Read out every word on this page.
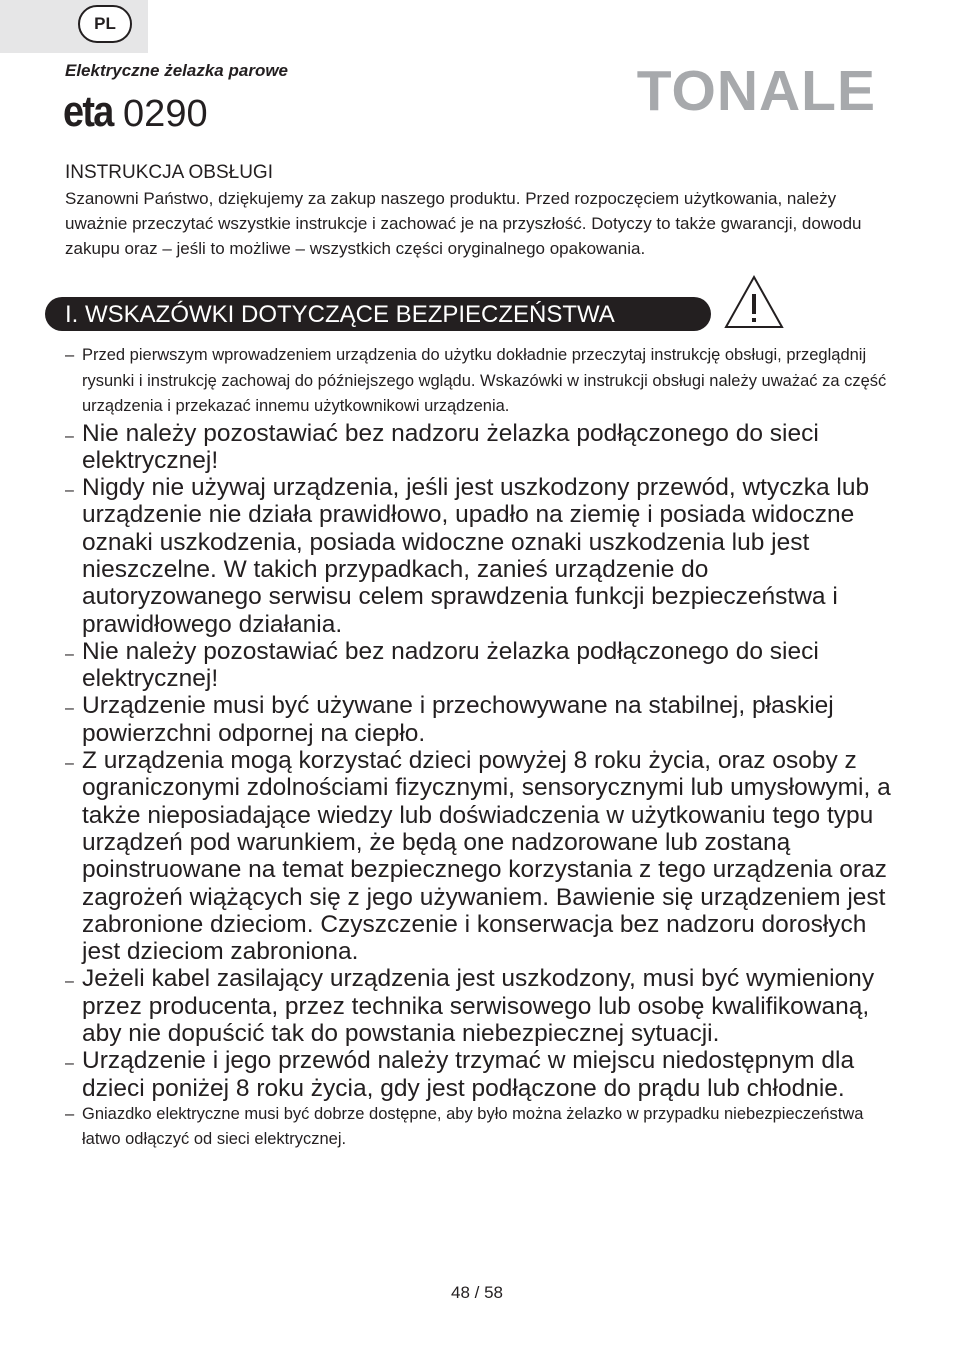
PL
Elektryczne żelazka parowe
eta 0290	TONALE
INSTRUKCJA OBSŁUGI
Szanowni Państwo, dziękujemy za zakup naszego produktu. Przed rozpoczęciem użytkowania, należy uważnie przeczytać wszystkie instrukcje i zachować je na przyszłość. Dotyczy to także gwarancji, dowodu zakupu oraz – jeśli to możliwe – wszystkich części oryginalnego opakowania.
I. WSKAZÓWKI DOTYCZĄCE BEZPIECZEŃSTWA
– Przed pierwszym wprowadzeniem urządzenia do użytku dokładnie przeczytaj instrukcję obsługi, przeglądnij rysunki i instrukcję zachowaj do późniejszego wglądu. Wskazówki w instrukcji obsługi należy uważać za część urządzenia i przekazać innemu użytkownikowi urządzenia.
– Nie należy pozostawiać bez nadzoru żelazka podłączonego do sieci elektrycznej!
– Nigdy nie używaj urządzenia, jeśli jest uszkodzony przewód, wtyczka lub urządzenie nie działa prawidłowo, upadło na ziemię i posiada widoczne oznaki uszkodzenia, posiada widoczne oznaki uszkodzenia lub jest nieszczelne. W takich przypadkach, zanieś urządzenie do autoryzowanego serwisu celem sprawdzenia funkcji bezpieczeństwa i prawidłowego działania.
– Nie należy pozostawiać bez nadzoru żelazka podłączonego do sieci elektrycznej!
– Urządzenie musi być używane i przechowywane na stabilnej, płaskiej powierzchni odpornej na ciepło.
– Z urządzenia mogą korzystać dzieci powyżej 8 roku życia, oraz osoby z ograniczonymi zdolnościami fizycznymi, sensorycznymi lub umysłowymi, a także nieposiadające wiedzy lub doświadczenia w użytkowaniu tego typu urządzeń pod warunkiem, że będą one nadzorowane lub zostaną poinstruowane na temat bezpiecznego korzystania z tego urządzenia oraz zagrożeń wiążących się z jego używaniem. Bawienie się urządzeniem jest zabronione dzieciom. Czyszczenie i konserwacja bez nadzoru dorosłych jest dzieciom zabroniona.
– Jeżeli kabel zasilający urządzenia jest uszkodzony, musi być wymieniony przez producenta, przez technika serwisowego lub osobę kwalifikowaną, aby nie dopuścić tak do powstania niebezpiecznej sytuacji.
– Urządzenie i jego przewód należy trzymać w miejscu niedostępnym dla dzieci poniżej 8 roku życia, gdy jest podłączone do prądu lub chłodnie.
– Gniazdko elektryczne musi być dobrze dostępne, aby było można żelazko w przypadku niebezpieczeństwa łatwo odłączyć od sieci elektrycznej.
48 / 58
